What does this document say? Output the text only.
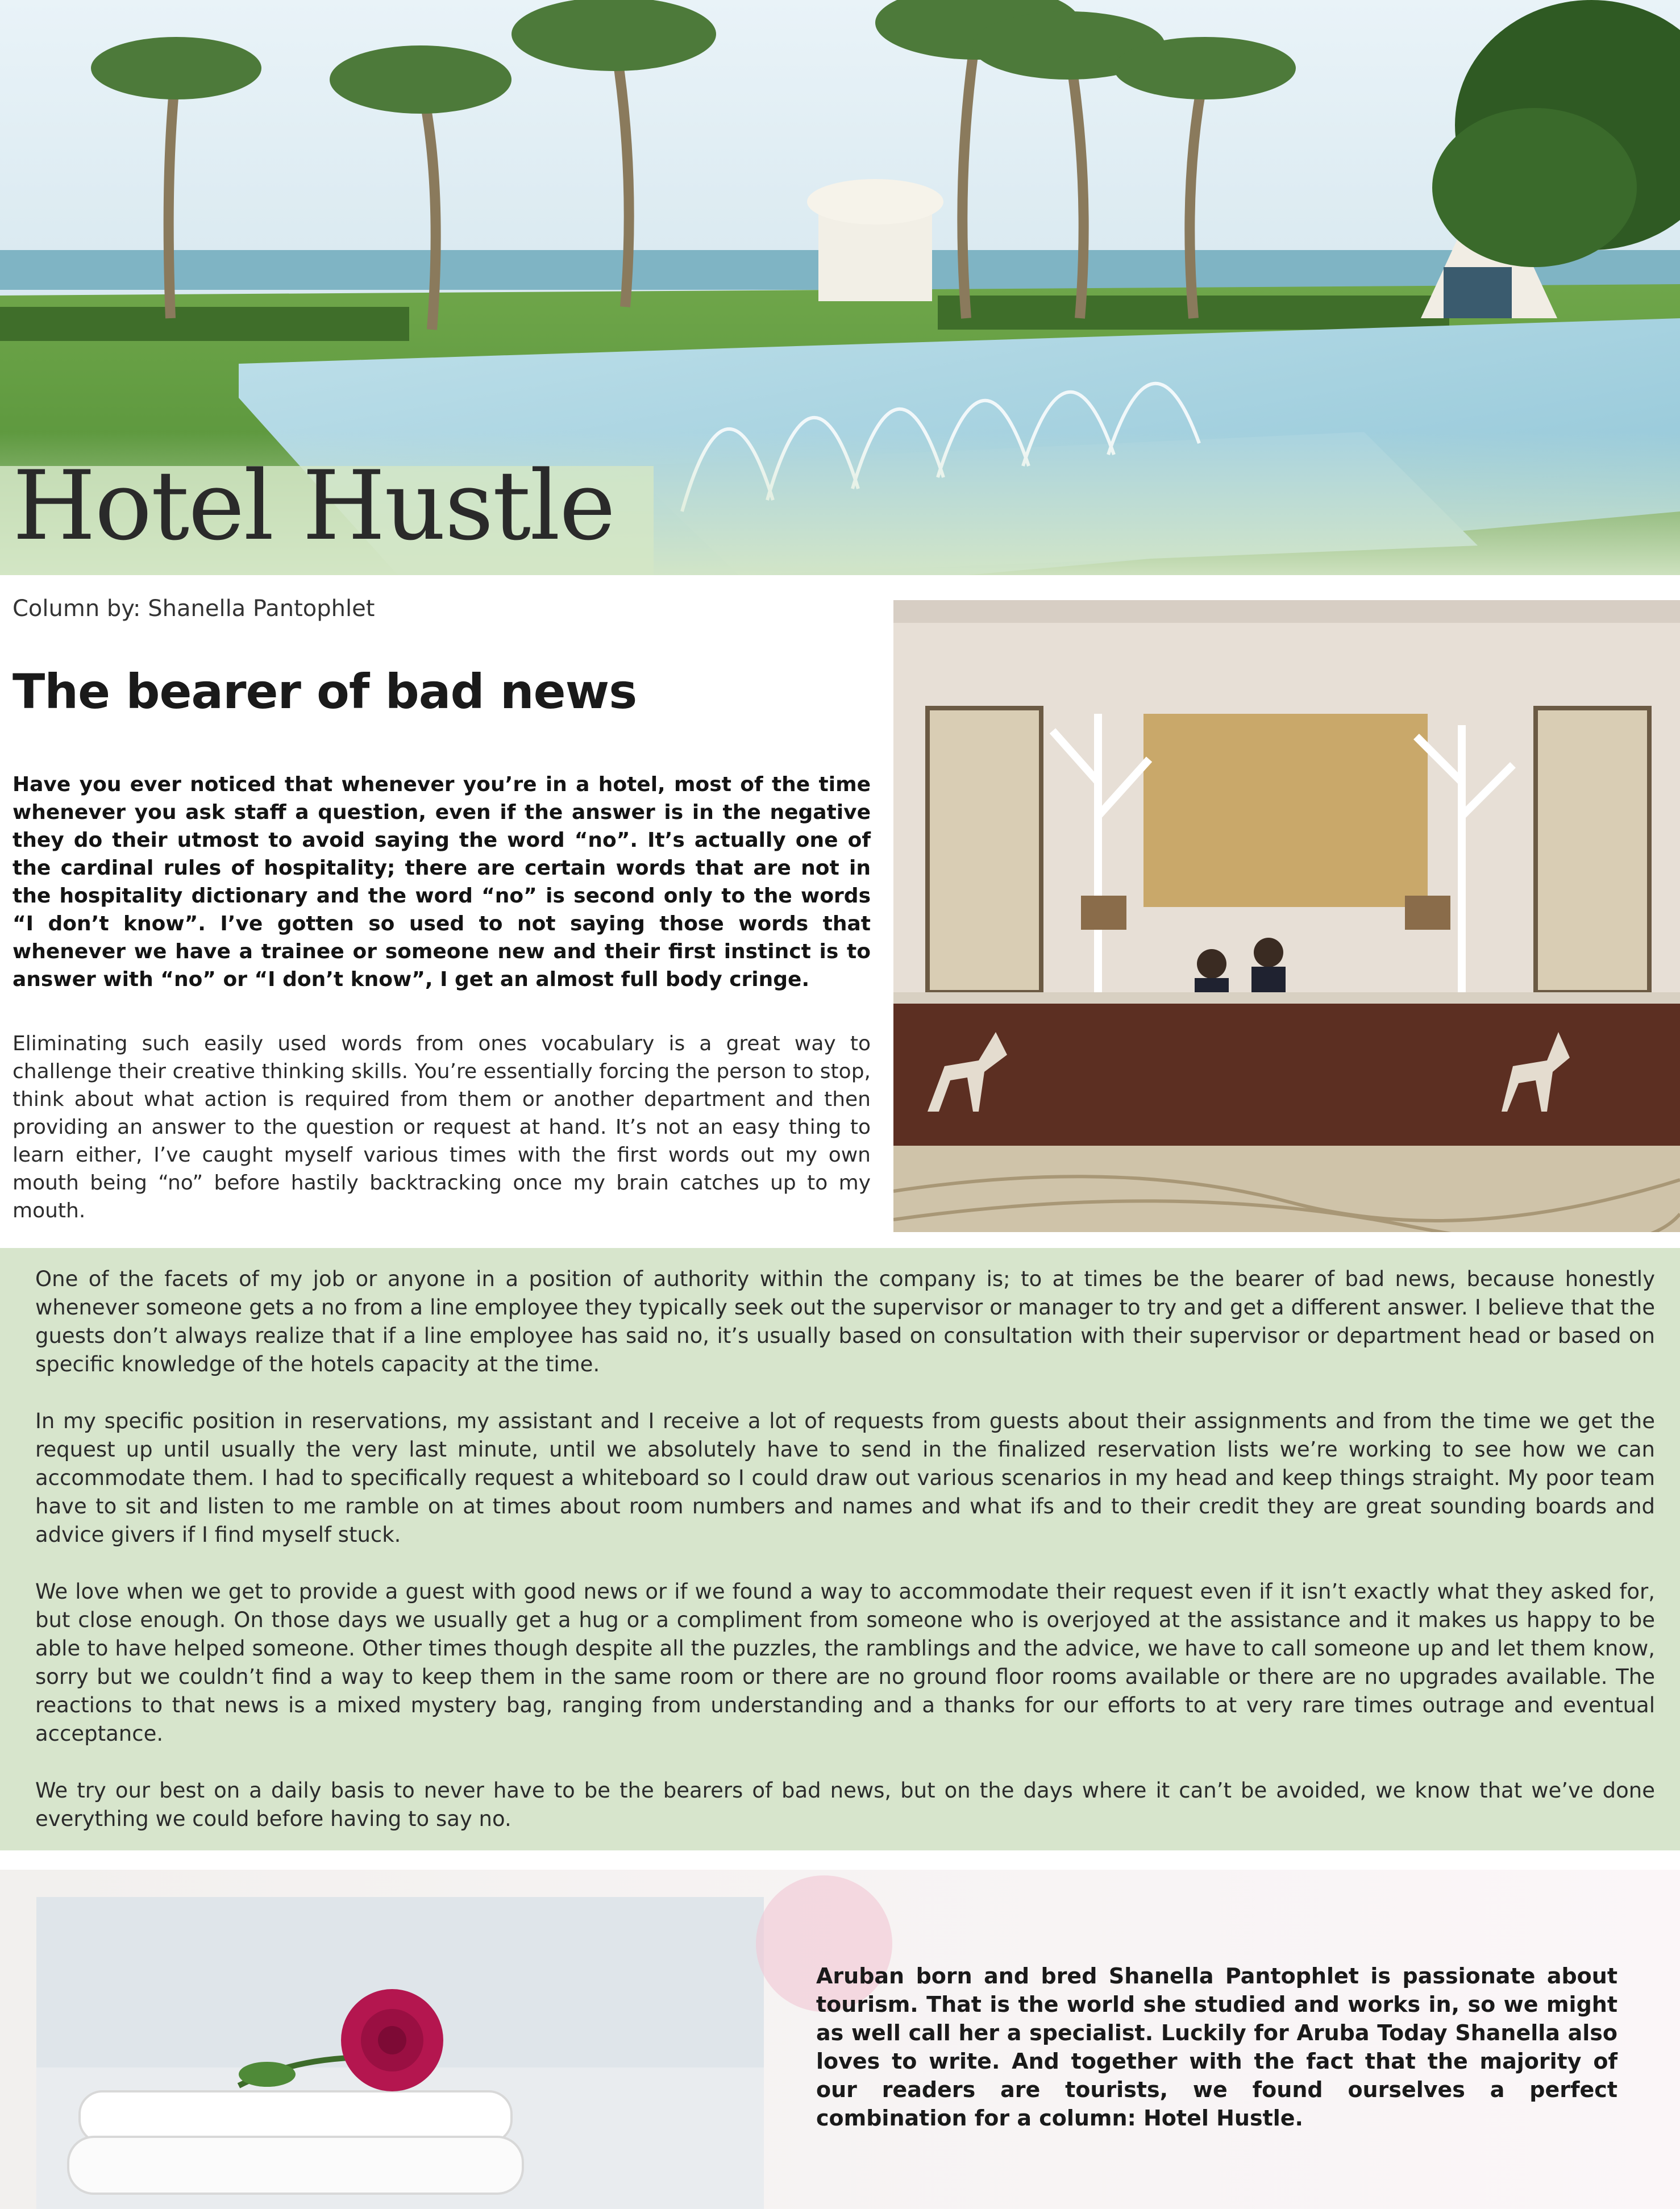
Hotel Hustle
Column by: Shanella Pantophlet
The bearer of bad news

Have you ever noticed that whenever you’re in a hotel, most of the time whenever you ask staff a question, even if the answer is in the negative they do their utmost to avoid saying the word “no”. It’s actually one of the cardinal rules of hospitality; there are certain words that are not in the hospitality dictionary and the word “no” is second only to the words “I don’t know”. I’ve gotten so used to not saying those words that whenever we have a trainee or someone new and their first instinct is to answer with “no” or “I don’t know”, I get an almost full body cringe.

Eliminating such easily used words from ones vocabulary is a great way to challenge their creative thinking skills. You’re essentially forcing the person to stop, think about what action is required from them or another department and then providing an answer to the question or request at hand. It’s not an easy thing to learn either, I’ve caught myself various times with the first words out my own mouth being “no” before hastily backtracking once my brain catches up to my mouth.

One of the facets of my job or anyone in a position of authority within the company is; to at times be the bearer of bad news, because honestly whenever someone gets a no from a line employee they typically seek out the supervisor or manager to try and get a different answer. I believe that the guests don’t always realize that if a line employee has said no, it’s usually based on consultation with their supervisor or department head or based on specific knowledge of the hotels capacity at the time.

In my specific position in reservations, my assistant and I receive a lot of requests from guests about their assignments and from the time we get the request up until usually the very last minute, until we absolutely have to send in the finalized reservation lists we’re working to see how we can accommodate them. I had to specifically request a whiteboard so I could draw out various scenarios in my head and keep things straight. My poor team have to sit and listen to me ramble on at times about room numbers and names and what ifs and to their credit they are great sounding boards and advice givers if I find myself stuck.

We love when we get to provide a guest with good news or if we found a way to accommodate their request even if it isn’t exactly what they asked for, but close enough. On those days we usually get a hug or a compliment from someone who is overjoyed at the assistance and it makes us happy to be able to have helped someone. Other times though despite all the puzzles, the ramblings and the advice, we have to call someone up and let them know, sorry but we couldn’t find a way to keep them in the same room or there are no ground floor rooms available or there are no upgrades available. The reactions to that news is a mixed mystery bag, ranging from understanding and a thanks for our efforts to at very rare times outrage and eventual acceptance.

We try our best on a daily basis to never have to be the bearers of bad news, but on the days where it can’t be avoided, we know that we’ve done everything we could before having to say no.

Aruban born and bred Shanella Pantophlet is passionate about tourism. That is the world she studied and works in, so we might as well call her a specialist. Luckily for Aruba Today Shanella also loves to write. And together with the fact that the majority of our readers are tourists, we found ourselves a perfect combination for a column: Hotel Hustle.
